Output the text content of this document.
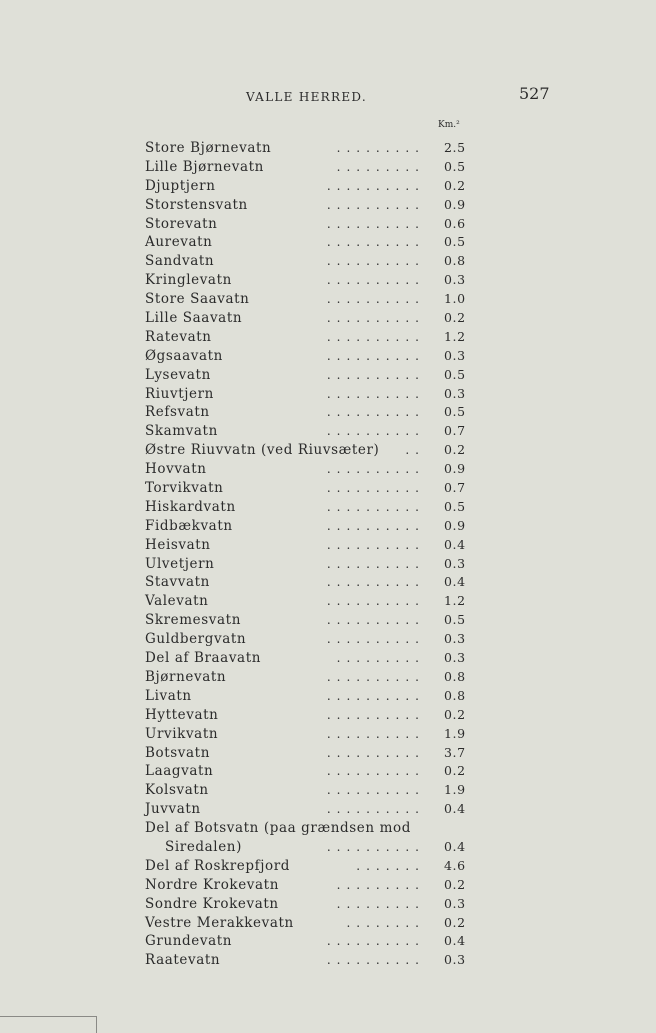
VALLE HERRED.	527
Km.²
Store Bjørnevatn	......... 2.5
Lille Bjørnevatn	......... 0.5
Djuptjern	.......... 0.2
Storstensvatn	.......... 0.9
Storevatn	.......... 0.6
Aurevatn	.......... 0.5
Sandvatn	.......... 0.8
Kringlevatn	.......... 0.3
Store Saavatn	.......... 1.0
Lille Saavatn	.......... 0.2
Ratevatn	.......... 1.2
Øgsaavatn	.......... 0.3
Lysevatn	.......... 0.5
Riuvtjern	.......... 0.3
Refsvatn	.......... 0.5
Skamvatn	.......... 0.7
Østre Riuvvatn (ved Riuvsæter) .. 0.2
Hovvatn	.......... 0.9
Torvikvatn	.......... 0.7
Hiskardvatn	.......... 0.5
Fidbækvatn	.......... 0.9
Heisvatn	.......... 0.4
Ulvetjern	.......... 0.3
Stavvatn	.......... 0.4
Valevatn	.......... 1.2
Skremesvatn	.......... 0.5
Guldbergvatn	.......... 0.3
Del af Braavatn	......... 0.3
Bjørnevatn	.......... 0.8
Livatn	.......... 0.8
Hyttevatn	.......... 0.2
Urvikvatn	.......... 1.9
Botsvatn	.......... 3.7
Laagvatn	.......... 0.2
Kolsvatn	.......... 1.9
Juvvatn	.......... 0.4
Del af Botsvatn (paa grændsen mod
Siredalen)	.......... 0.4
Del af Roskrepfjord	....... 4.6
Nordre Krokevatn	......... 0.2
Sondre Krokevatn	......... 0.3
Vestre Merakkevatn	........ 0.2
Grundevatn	.......... 0.4
Raatevatn	.......... 0.3
